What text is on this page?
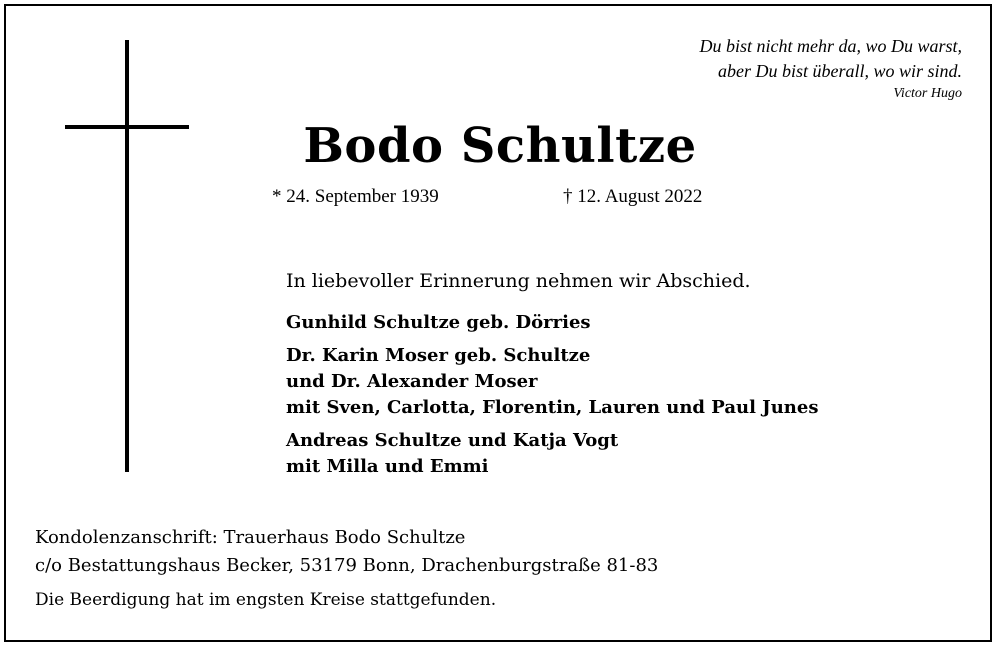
Du bist nicht mehr da, wo Du warst,
aber Du bist überall, wo wir sind.
Victor Hugo
Bodo Schultze
* 24. September 1939	† 12. August 2022
In liebevoller Erinnerung nehmen wir Abschied.
Gunhild Schultze geb. Dörries
Dr. Karin Moser geb. Schultze
und Dr. Alexander Moser
mit Sven, Carlotta, Florentin, Lauren und Paul Junes
Andreas Schultze und Katja Vogt
mit Milla und Emmi
Kondolenzanschrift: Trauerhaus Bodo Schultze
c/o Bestattungshaus Becker, 53179 Bonn, Drachenburgstraße 81-83
Die Beerdigung hat im engsten Kreise stattgefunden.
